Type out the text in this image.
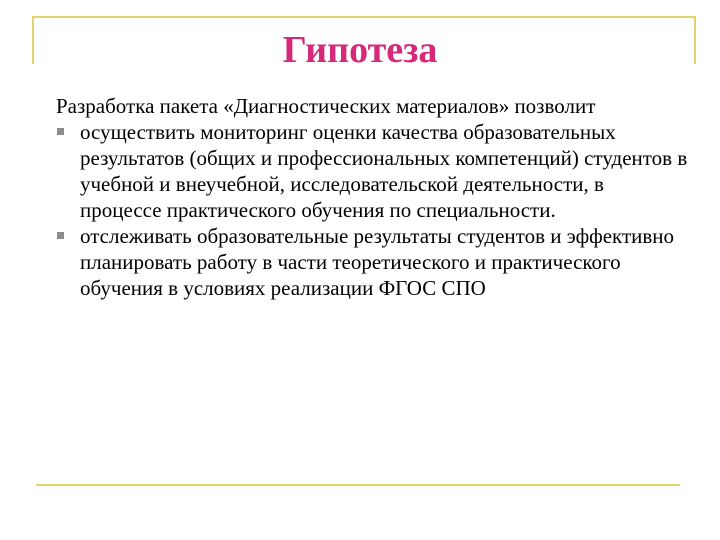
Гипотеза

Разработка пакета «Диагностических материалов» позволит

осуществить мониторинг оценки качества образовательных результатов (общих и профессиональных компетенций) студентов в учебной и внеучебной, исследовательской деятельности, в процессе практического обучения по специальности.
отслеживать образовательные результаты студентов и эффективно планировать работу в части теоретического и практического обучения в условиях реализации ФГОС СПО
